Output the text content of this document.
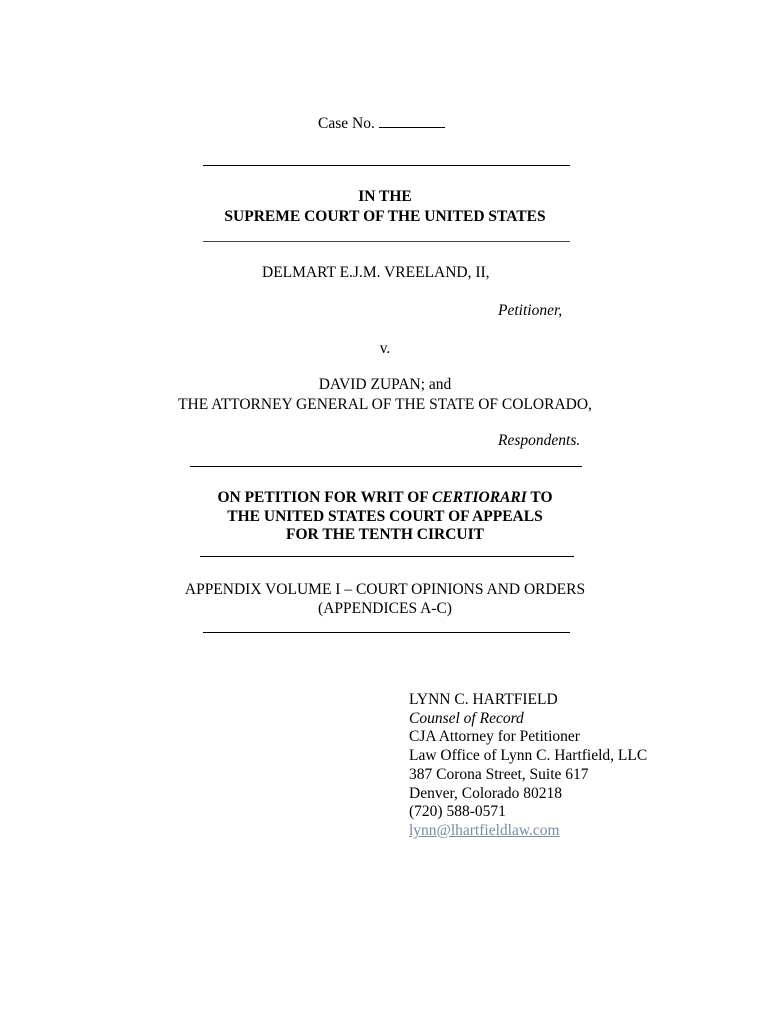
Case No.
IN THE
SUPREME COURT OF THE UNITED STATES
DELMART E.J.M. VREELAND, II,
Petitioner,
v.
DAVID ZUPAN; and
THE ATTORNEY GENERAL OF THE STATE OF COLORADO,
Respondents.
ON PETITION FOR WRIT OF CERTIORARI TO
THE UNITED STATES COURT OF APPEALS
FOR THE TENTH CIRCUIT
APPENDIX VOLUME I – COURT OPINIONS AND ORDERS
(APPENDICES A-C)
LYNN C. HARTFIELD
Counsel of Record
CJA Attorney for Petitioner
Law Office of Lynn C. Hartfield, LLC
387 Corona Street, Suite 617
Denver, Colorado 80218
(720) 588-0571
lynn@lhartfieldlaw.com
